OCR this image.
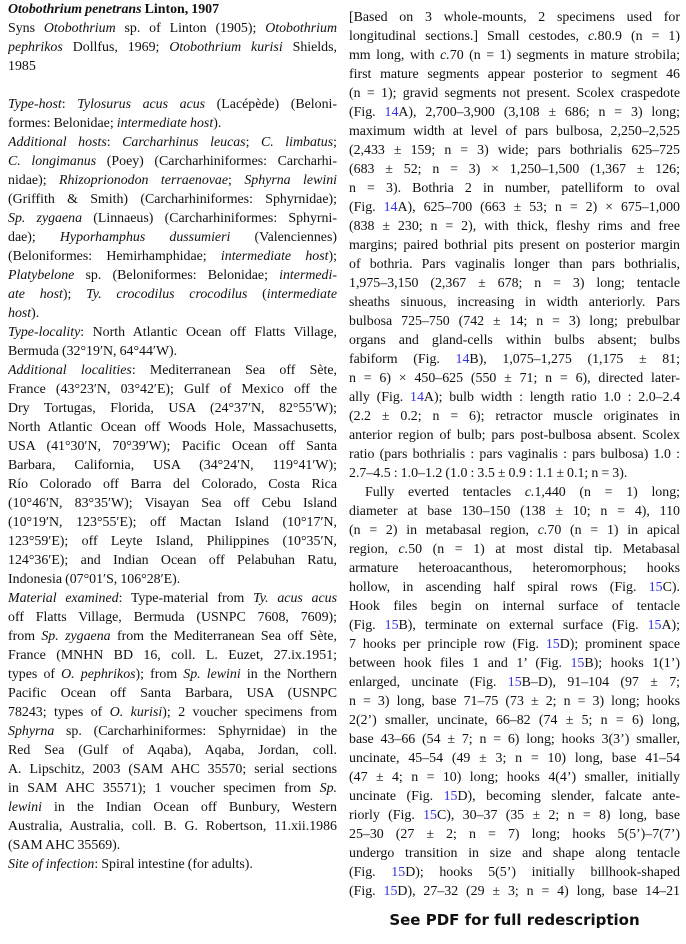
Otobothrium penetrans Linton, 1907
Syns Otobothrium sp. of Linton (1905); Otobothrium
pephrikos Dollfus, 1969; Otobothrium kurisi Shields,
1985
Type-host: Tylosurus acus acus (Lacépède) (Beloni-
formes: Belonidae; intermediate host).
Additional hosts: Carcharhinus leucas; C. limbatus;
C. longimanus (Poey) (Carcharhiniformes: Carcharhi-
nidae); Rhizoprionodon terraenovae; Sphyrna lewini
(Griffith & Smith) (Carcharhiniformes: Sphyrnidae);
Sp. zygaena (Linnaeus) (Carcharhiniformes: Sphyrni-
dae); Hyporhamphus dussumieri (Valenciennes)
(Beloniformes: Hemirhamphidae; intermediate host);
Platybelone sp. (Beloniformes: Belonidae; intermedi-
ate host); Ty. crocodilus crocodilus (intermediate
host).
Type-locality: North Atlantic Ocean off Flatts Village,
Bermuda (32°19′N, 64°44′W).
Additional localities: Mediterranean Sea off Sète,
France (43°23′N, 03°42′E); Gulf of Mexico off the
Dry Tortugas, Florida, USA (24°37′N, 82°55′W);
North Atlantic Ocean off Woods Hole, Massachusetts,
USA (41°30′N, 70°39′W); Pacific Ocean off Santa
Barbara, California, USA (34°24′N, 119°41′W);
Río Colorado off Barra del Colorado, Costa Rica
(10°46′N, 83°35′W); Visayan Sea off Cebu Island
(10°19′N, 123°55′E); off Mactan Island (10°17′N,
123°59′E); off Leyte Island, Philippines (10°35′N,
124°36′E); and Indian Ocean off Pelabuhan Ratu,
Indonesia (07°01′S, 106°28′E).
Material examined: Type-material from Ty. acus acus
off Flatts Village, Bermuda (USNPC 7608, 7609);
from Sp. zygaena from the Mediterranean Sea off Sète,
France (MNHN BD 16, coll. L. Euzet, 27.ix.1951;
types of O. pephrikos); from Sp. lewini in the Northern
Pacific Ocean off Santa Barbara, USA (USNPC
78243; types of O. kurisi); 2 voucher specimens from
Sphyrna sp. (Carcharhiniformes: Sphyrnidae) in the
Red Sea (Gulf of Aqaba), Aqaba, Jordan, coll.
A. Lipschitz, 2003 (SAM AHC 35570; serial sections
in SAM AHC 35571); 1 voucher specimen from Sp.
lewini in the Indian Ocean off Bunbury, Western
Australia, Australia, coll. B. G. Robertson, 11.xii.1986
(SAM AHC 35569).
Site of infection: Spiral intestine (for adults).
[Based on 3 whole-mounts, 2 specimens used for
longitudinal sections.] Small cestodes, c.80.9 (n = 1)
mm long, with c.70 (n = 1) segments in mature strobila;
first mature segments appear posterior to segment 46
(n = 1); gravid segments not present. Scolex craspedote
(Fig. 14A), 2,700–3,900 (3,108 ± 686; n = 3) long;
maximum width at level of pars bulbosa, 2,250–2,525
(2,433 ± 159; n = 3) wide; pars bothrialis 625–725
(683 ± 52; n = 3) × 1,250–1,500 (1,367 ± 126;
n = 3). Bothria 2 in number, patelliform to oval
(Fig. 14A), 625–700 (663 ± 53; n = 2) × 675–1,000
(838 ± 230; n = 2), with thick, fleshy rims and free
margins; paired bothrial pits present on posterior margin
of bothria. Pars vaginalis longer than pars bothrialis,
1,975–3,150 (2,367 ± 678; n = 3) long; tentacle
sheaths sinuous, increasing in width anteriorly. Pars
bulbosa 725–750 (742 ± 14; n = 3) long; prebulbar
organs and gland-cells within bulbs absent; bulbs
fabiform (Fig. 14B), 1,075–1,275 (1,175 ± 81;
n = 6) × 450–625 (550 ± 71; n = 6), directed later-
ally (Fig. 14A); bulb width : length ratio 1.0 : 2.0–2.4
(2.2 ± 0.2; n = 6); retractor muscle originates in
anterior region of bulb; pars post-bulbosa absent. Scolex
ratio (pars bothrialis : pars vaginalis : pars bulbosa) 1.0 :
2.7–4.5 : 1.0–1.2 (1.0 : 3.5 ± 0.9 : 1.1 ± 0.1; n = 3).
Fully everted tentacles c.1,440 (n = 1) long;
diameter at base 130–150 (138 ± 10; n = 4), 110
(n = 2) in metabasal region, c.70 (n = 1) in apical
region, c.50 (n = 1) at most distal tip. Metabasal
armature heteroacanthous, heteromorphous; hooks
hollow, in ascending half spiral rows (Fig. 15C).
Hook files begin on internal surface of tentacle
(Fig. 15B), terminate on external surface (Fig. 15A);
7 hooks per principle row (Fig. 15D); prominent space
between hook files 1 and 1’ (Fig. 15B); hooks 1(1’)
enlarged, uncinate (Fig. 15B–D), 91–104 (97 ± 7;
n = 3) long, base 71–75 (73 ± 2; n = 3) long; hooks
2(2’) smaller, uncinate, 66–82 (74 ± 5; n = 6) long,
base 43–66 (54 ± 7; n = 6) long; hooks 3(3’) smaller,
uncinate, 45–54 (49 ± 3; n = 10) long, base 41–54
(47 ± 4; n = 10) long; hooks 4(4’) smaller, initially
uncinate (Fig. 15D), becoming slender, falcate ante-
riorly (Fig. 15C), 30–37 (35 ± 2; n = 8) long, base
25–30 (27 ± 2; n = 7) long; hooks 5(5’)–7(7’)
undergo transition in size and shape along tentacle
(Fig. 15D); hooks 5(5’) initially billhook-shaped
(Fig. 15D), 27–32 (29 ± 3; n = 4) long, base 14–21
See PDF for full redescription
